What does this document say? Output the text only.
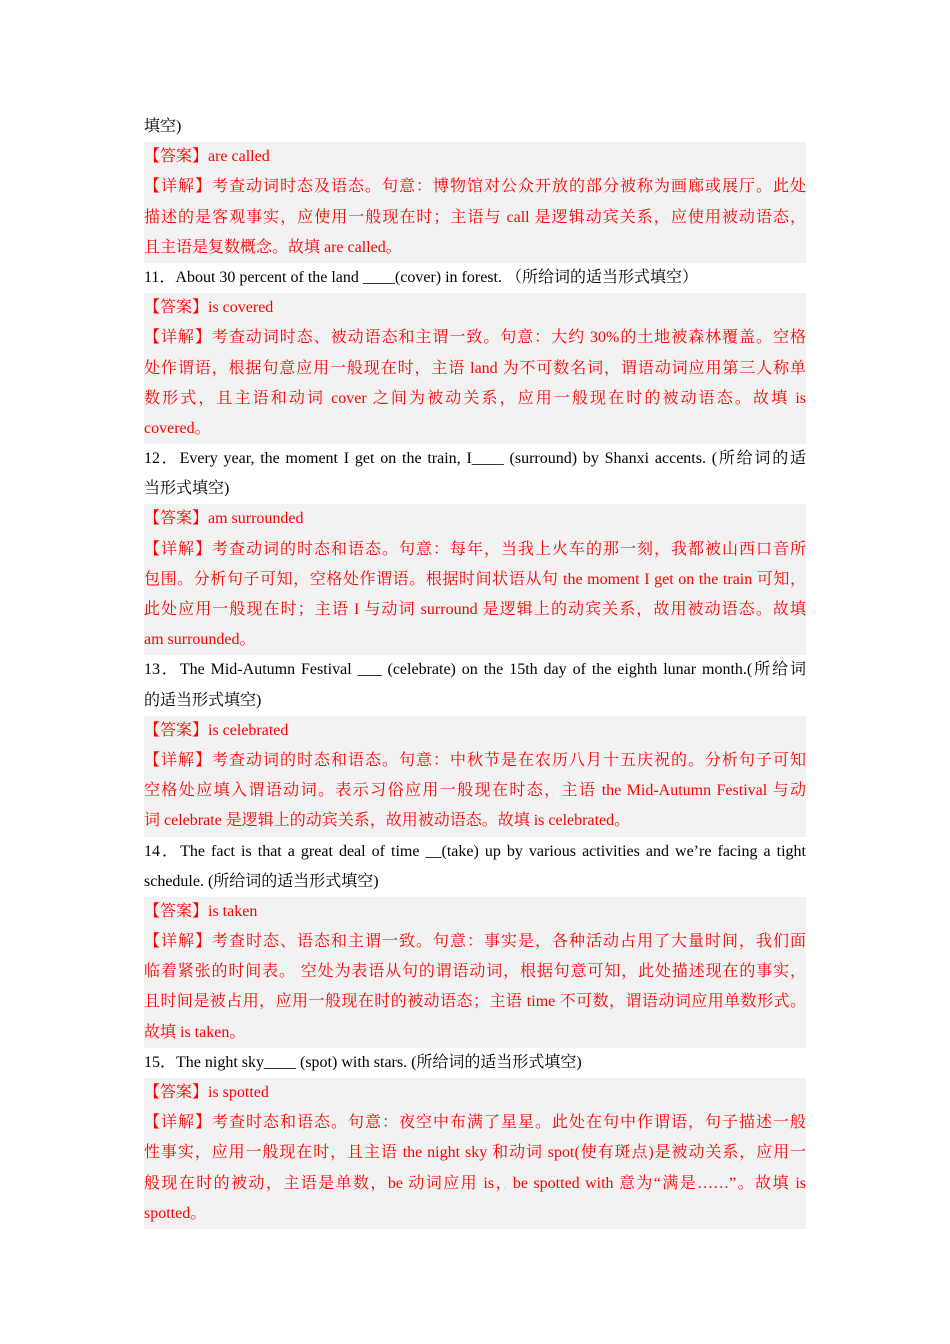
填空)
【答案】are called
【详解】考查动词时态及语态。句意：博物馆对公众开放的部分被称为画廊或展厅。此处
描述的是客观事实，应使用一般现在时；主语与 call 是逻辑动宾关系，应使用被动语态，
且主语是复数概念。故填 are called。
11．About 30 percent of the land ____(cover) in forest. （所给词的适当形式填空）
【答案】is covered
【详解】考查动词时态、被动语态和主谓一致。句意：大约 30%的土地被森林覆盖。空格
处作谓语，根据句意应用一般现在时，主语 land 为不可数名词，谓语动词应用第三人称单
数形式，且主语和动词 cover 之间为被动关系，应用一般现在时的被动语态。故填 is
covered。
12．Every year, the moment I get on the train, I____ (surround) by Shanxi accents. (所给词的适
当形式填空)
【答案】am surrounded
【详解】考查动词的时态和语态。句意：每年，当我上火车的那一刻，我都被山西口音所
包围。分析句子可知，空格处作谓语。根据时间状语从句 the moment I get on the train 可知，
此处应用一般现在时；主语 I 与动词 surround 是逻辑上的动宾关系，故用被动语态。故填
am surrounded。
13．The Mid-Autumn Festival ___ (celebrate) on the 15th day of the eighth lunar month.(所给词
的适当形式填空)
【答案】is celebrated
【详解】考查动词的时态和语态。句意：中秋节是在农历八月十五庆祝的。分析句子可知
空格处应填入谓语动词。表示习俗应用一般现在时态，主语 the Mid-Autumn Festival 与动
词 celebrate 是逻辑上的动宾关系，故用被动语态。故填 is celebrated。
14．The fact is that a great deal of time __(take) up by various activities and we’re facing a tight
schedule. (所给词的适当形式填空)
【答案】is taken
【详解】考查时态、语态和主谓一致。句意：事实是，各种活动占用了大量时间，我们面
临着紧张的时间表。 空处为表语从句的谓语动词，根据句意可知，此处描述现在的事实，
且时间是被占用，应用一般现在时的被动语态；主语 time 不可数，谓语动词应用单数形式。
故填 is taken。
15．The night sky____ (spot) with stars. (所给词的适当形式填空)
【答案】is spotted
【详解】考查时态和语态。句意：夜空中布满了星星。此处在句中作谓语，句子描述一般
性事实，应用一般现在时，且主语 the night sky 和动词 spot(使有斑点)是被动关系，应用一
般现在时的被动，主语是单数，be 动词应用 is，be spotted with 意为“满是……”。故填 is
spotted。
